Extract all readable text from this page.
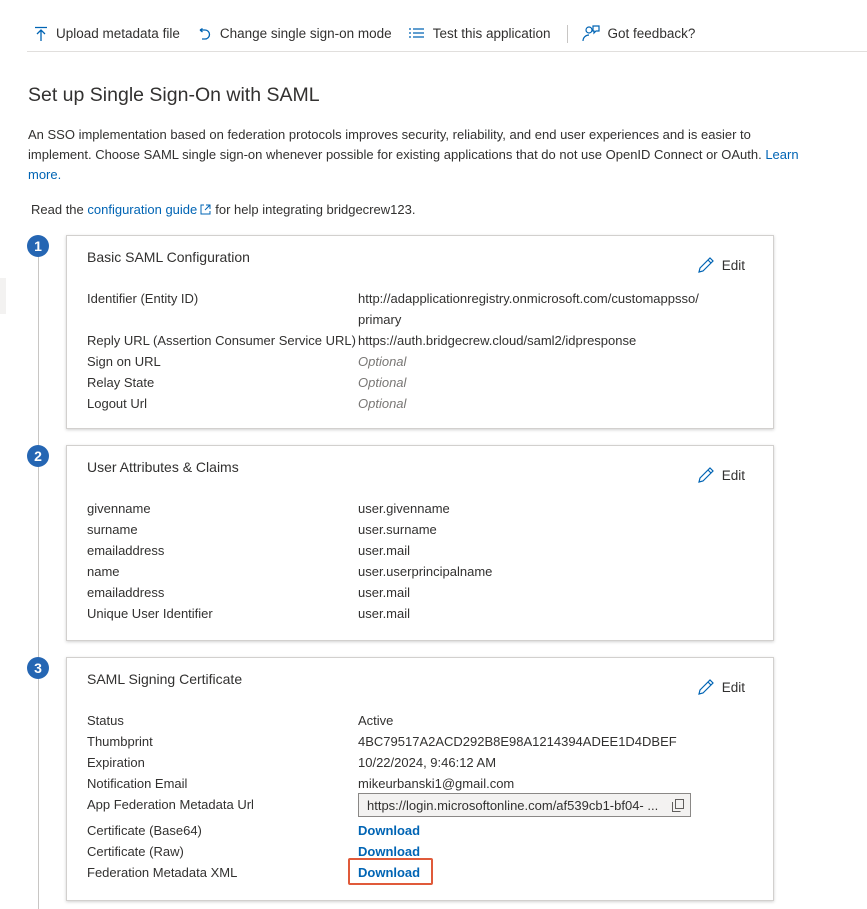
Upload metadata file	Change single sign-on mode	Test this application	Got feedback?
Set up Single Sign-On with SAML

An SSO implementation based on federation protocols improves security, reliability, and end user experiences and is easier to implement. Choose SAML single sign-on whenever possible for existing applications that do not use OpenID Connect or OAuth. Learn more.

Read the configuration guide for help integrating bridgecrew123.

1
Basic SAML Configuration	Edit
Identifier (Entity ID)	http://adapplicationregistry.onmicrosoft.com/customappsso/primary
Reply URL (Assertion Consumer Service URL) https://auth.bridgecrew.cloud/saml2/idpresponse
Sign on URL	Optional
Relay State	Optional
Logout Url	Optional
2
User Attributes & Claims	Edit
givenname	user.givenname
surname	user.surname
emailaddress	user.mail
name	user.userprincipalname
emailaddress	user.mail
Unique User Identifier	user.mail
3
SAML Signing Certificate	Edit
Status	Active
Thumbprint	4BC79517A2ACD292B8E98A1214394ADEE1D4DBEF
Expiration	10/22/2024, 9:46:12 AM
Notification Email	mikeurbanski1@gmail.com
App Federation Metadata Url	https://login.microsoftonline.com/af539cb1-bf04- ...
Certificate (Base64)	Download
Certificate (Raw)	Download
Federation Metadata XML	Download
